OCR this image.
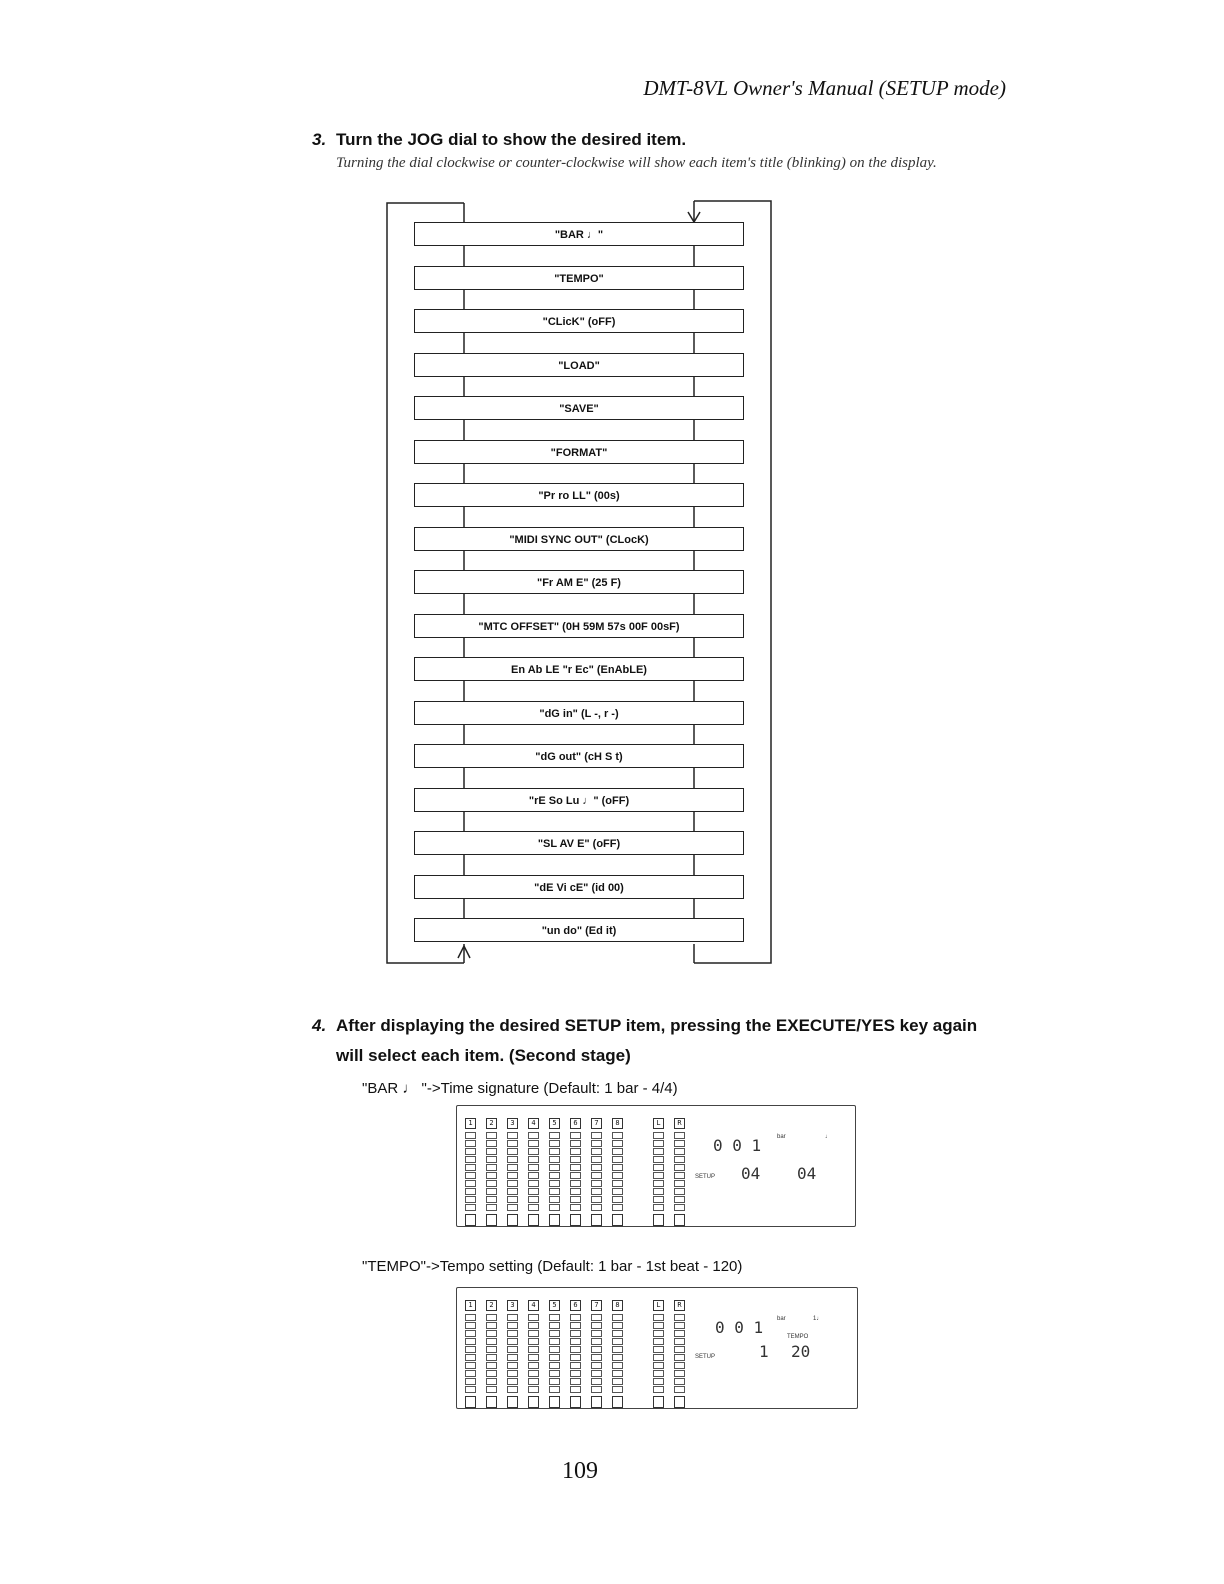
DMT-8VL Owner's Manual (SETUP mode)
3. Turn the JOG dial to show the desired item.
Turning the dial clockwise or counter-clockwise will show each item's title (blinking) on the display.
"BAR ♩"
"TEMPO"
"CLicK" (oFF)
"LOAD"
"SAVE"
"FORMAT"
"Pr ro LL" (00s)
"MIDI SYNC OUT" (CLocK)
"Fr AM E" (25 F)
"MTC OFFSET" (0H 59M 57s 00F 00sF)
En Ab LE "r Ec" (EnAbLE)
"dG in" (L -, r -)
"dG out" (cH S t)
"rE So Lu ♩" (oFF)
"SL AV E" (oFF)
"dE Vi cE" (id 00)
"un do" (Ed it)
4. After displaying the desired SETUP item, pressing the EXECUTE/YES key again
will select each item. (Second stage)
"BAR ♩ "->Time signature (Default: 1 bar - 4/4)
1	2	3	4	5	6	7	8	L	R
0 0 1	bar	♩
SETUP 04 04
"TEMPO"->Tempo setting (Default: 1 bar - 1st beat - 120)
1	2	3	4	5	6	7	8	L	R
0 0 1 bar	1♩
TEMPO
SETUP	1 20
109
